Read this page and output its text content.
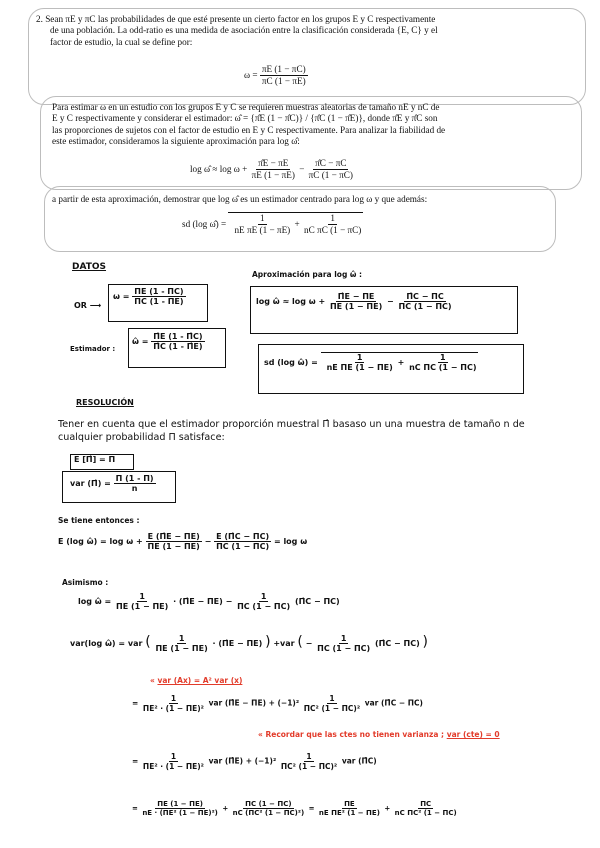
2. Sean πE y πC las probabilidades de que esté presente un cierto factor en los grupos E y C respectivamente
de una población. La odd-ratio es una medida de asociación entre la clasificación considerada {E, C} y el
factor de estudio, la cual se define por:
$\omega = \frac{\pi E (1 - \pi C)}{\pi C (1 - \pi E)}$
Para estimar ω en un estudio con los grupos E y C se requieren muestras aleatorias de tamaño nE y nC de
E y C respectivamente y considerar el estimador: ω̂ = {π̂E (1 − π̂C)} / {π̂C (1 − π̂E)}, donde π̂E y π̂C son
las proporciones de sujetos con el factor de estudio en E y C respectivamente. Para analizar la fiabilidad de
este estimador, consideramos la siguiente aproximación para log ω̂:
log ω̂ ≈ $\log \omega + \frac{\pîE - \pi E}{\pi E (1 - \pi E)} - \frac{\pîC - \pi C}{\pi C (1 - \pi C)}$
a partir de esta aproximación, demostrar que log ω̂ es un estimador centrado para log ω y que además:
sd (log ω̂) = $\frac{1}{\text{nE πE (1 − πE)}} + \frac{1}{\text{nC πC (1 − πC)}}$
DATOS
OR ⟶
$\omega = \frac{\Pi E (1 - \Pi C)}{\Pi C (1 - \Pi E)}$
Estimador :
ω̂ = $\frac{\PîE (1 - \PîC)}{\PîC (1 - \PîE)}$
Aproximación para log ω̂ :
log ω̂ ≈ $\log \omega + \frac{\PîE - \Pi E}{\Pi E (1 - \Pi E)} - \frac{\PîC - \Pi C}{\Pi C (1 - \Pi C)}$
sd (log ω̂) = $\frac{1}{\text{nE ΠE (1 − ΠE)}} + \frac{1}{\text{nC ΠC (1 − ΠC)}}$
RESOLUCIÓN
Tener en cuenta que el estimador proporción muestral Π̂ basaso un una muestra de tamaño n de
cualquier probabilidad Π satisface:
E [Π̂] = Π
var (Π̂) = $\frac{\Pi (1 - \Pi)}{n}$
Se tiene entonces :
E (log ω̂) = $\log \omega + \frac{E (\PîE - \Pi E)}{\Pi E (1 - \Pi E)} - \frac{E (\PîC - \Pi C)}{\Pi C (1 - \Pi C)} = \log \omega$
Asimismo :
log ω̂ = $\frac{1}{\Pi E (1 - \Pi E)}$ · (Π̂E − $\Pi E) - \frac{1}{\Pi C (1 - \Pi C)}$ (Π̂C − ΠC)
var(log ω̂) = var ( $\frac{1}{\Pi E (1 - \Pi E)}$ · (Π̂E − ΠE) ) +var ( − $\frac{1}{\Pi C (1 - \Pi C)}$ (Π̂C − ΠC) )
« var (Ax) = A² var (x)
= $\frac{1}{\text{ΠE² · (1 − ΠE)²}}$ var (Π̂E − $\Pi E) + (-1)^2 \frac{1}{\text{ΠC² (1 − ΠC)²}}$ var (Π̂C − ΠC)
« Recordar que las ctes no tienen varianza ; var (cte) = 0
= $\frac{1}{\text{ΠE² · (1 − ΠE)²}}$ var (Π̂E) + $(-1)^2 \frac{1}{\text{ΠC² (1 − ΠC)²}}$ var (Π̂C)
= $\frac{\Pi E (1 - \Pi E)}{\text{nE · (ΠE² (1 − ΠE)²)}} + \frac{\Pi C (1 - \Pi C)}{\text{nC (ΠC² (1 − ΠC)²)}} = \frac{\Pi E}{\text{nE ΠE² (1 − ΠE)}} + \frac{\Pi C}{\text{nC ΠC² (1 − ΠC)}}$
